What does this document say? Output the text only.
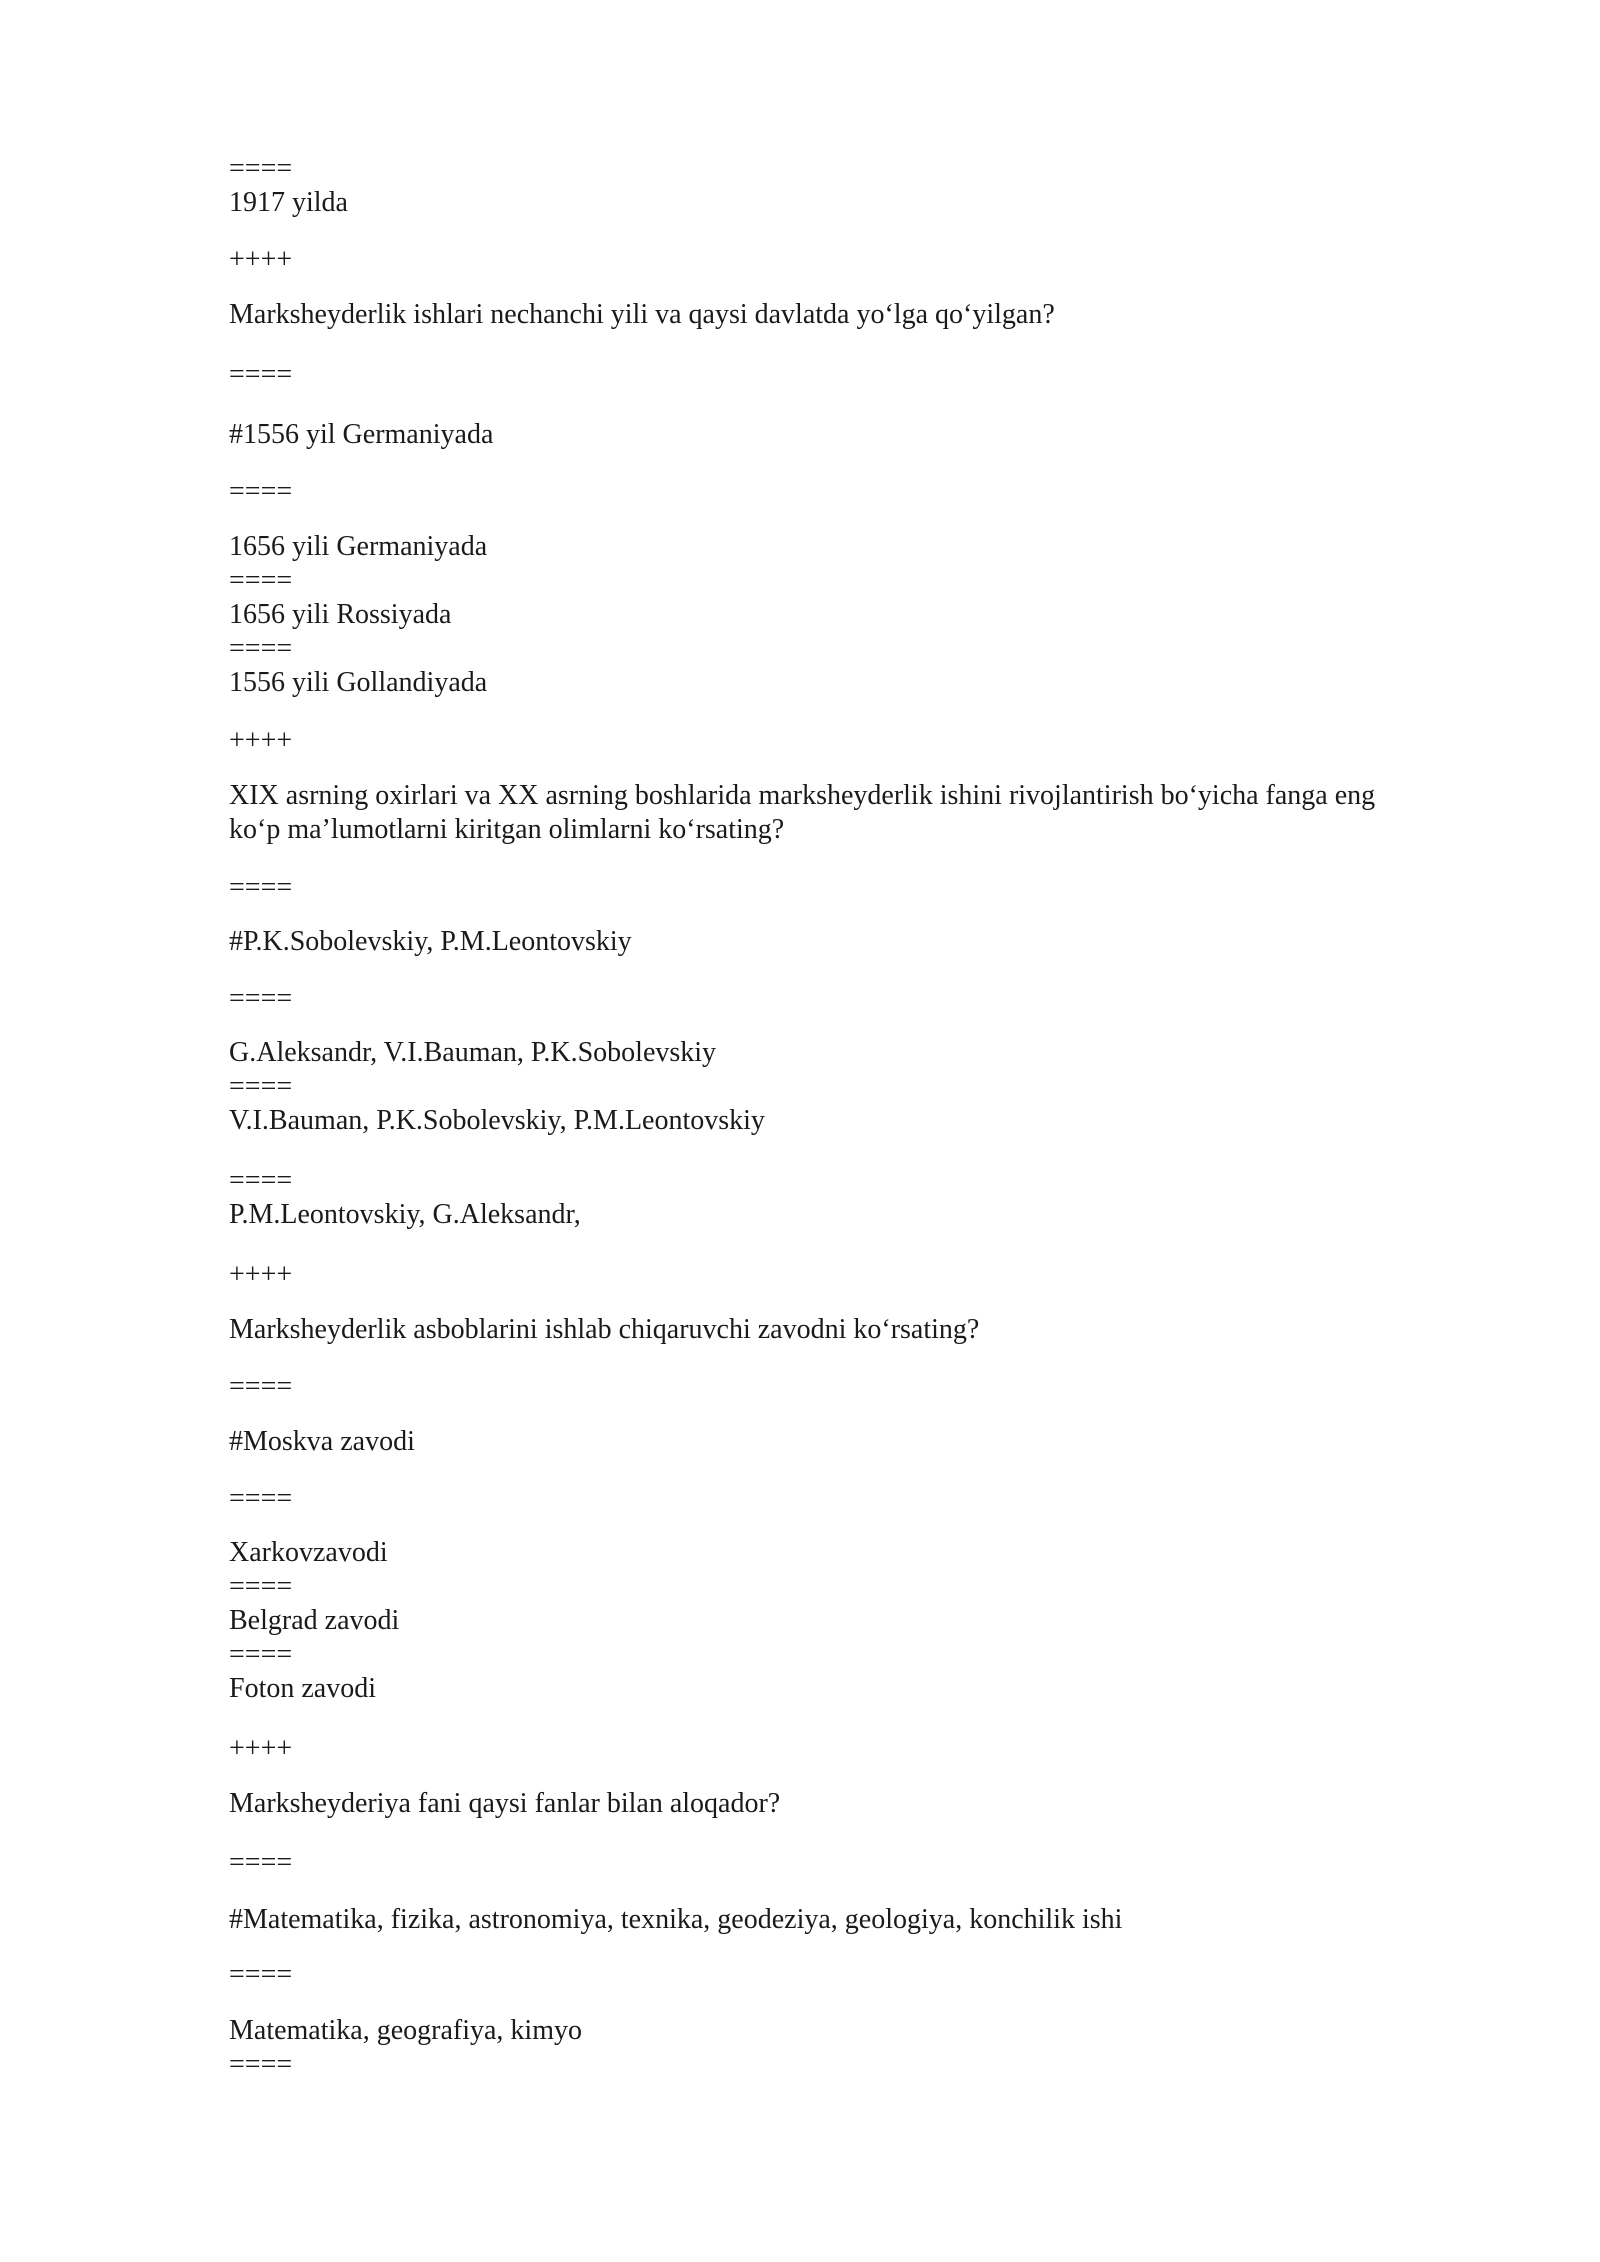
====
1917 yilda
++++
Marksheyderlik ishlari nechanchi yili va qaysi davlatda yo‘lga qo‘yilgan?
====
#1556 yil Germaniyada
====
1656 yili Germaniyada
====
1656 yili Rossiyada
====
1556 yili Gollandiyada
++++
XIX asrning oxirlari va XX asrning boshlarida marksheyderlik ishini rivojlantirish bo‘yicha fanga eng
ko‘p ma’lumotlarni kiritgan olimlarni ko‘rsating?
====
#P.K.Sobolevskiy, P.M.Leontovskiy
====
G.Aleksandr, V.I.Bauman, P.K.Sobolevskiy
====
V.I.Bauman, P.K.Sobolevskiy, P.M.Leontovskiy
====
P.M.Leontovskiy, G.Aleksandr,
++++
Marksheyderlik asboblarini ishlab chiqaruvchi zavodni ko‘rsating?
====
#Moskva zavodi
====
Xarkovzavodi
====
Belgrad zavodi
====
Foton zavodi
++++
Marksheyderiya fani qaysi fanlar bilan aloqador?
====
#Matematika, fizika, astronomiya, texnika, geodeziya, geologiya, konchilik ishi
====
Matematika, geografiya, kimyo
====
